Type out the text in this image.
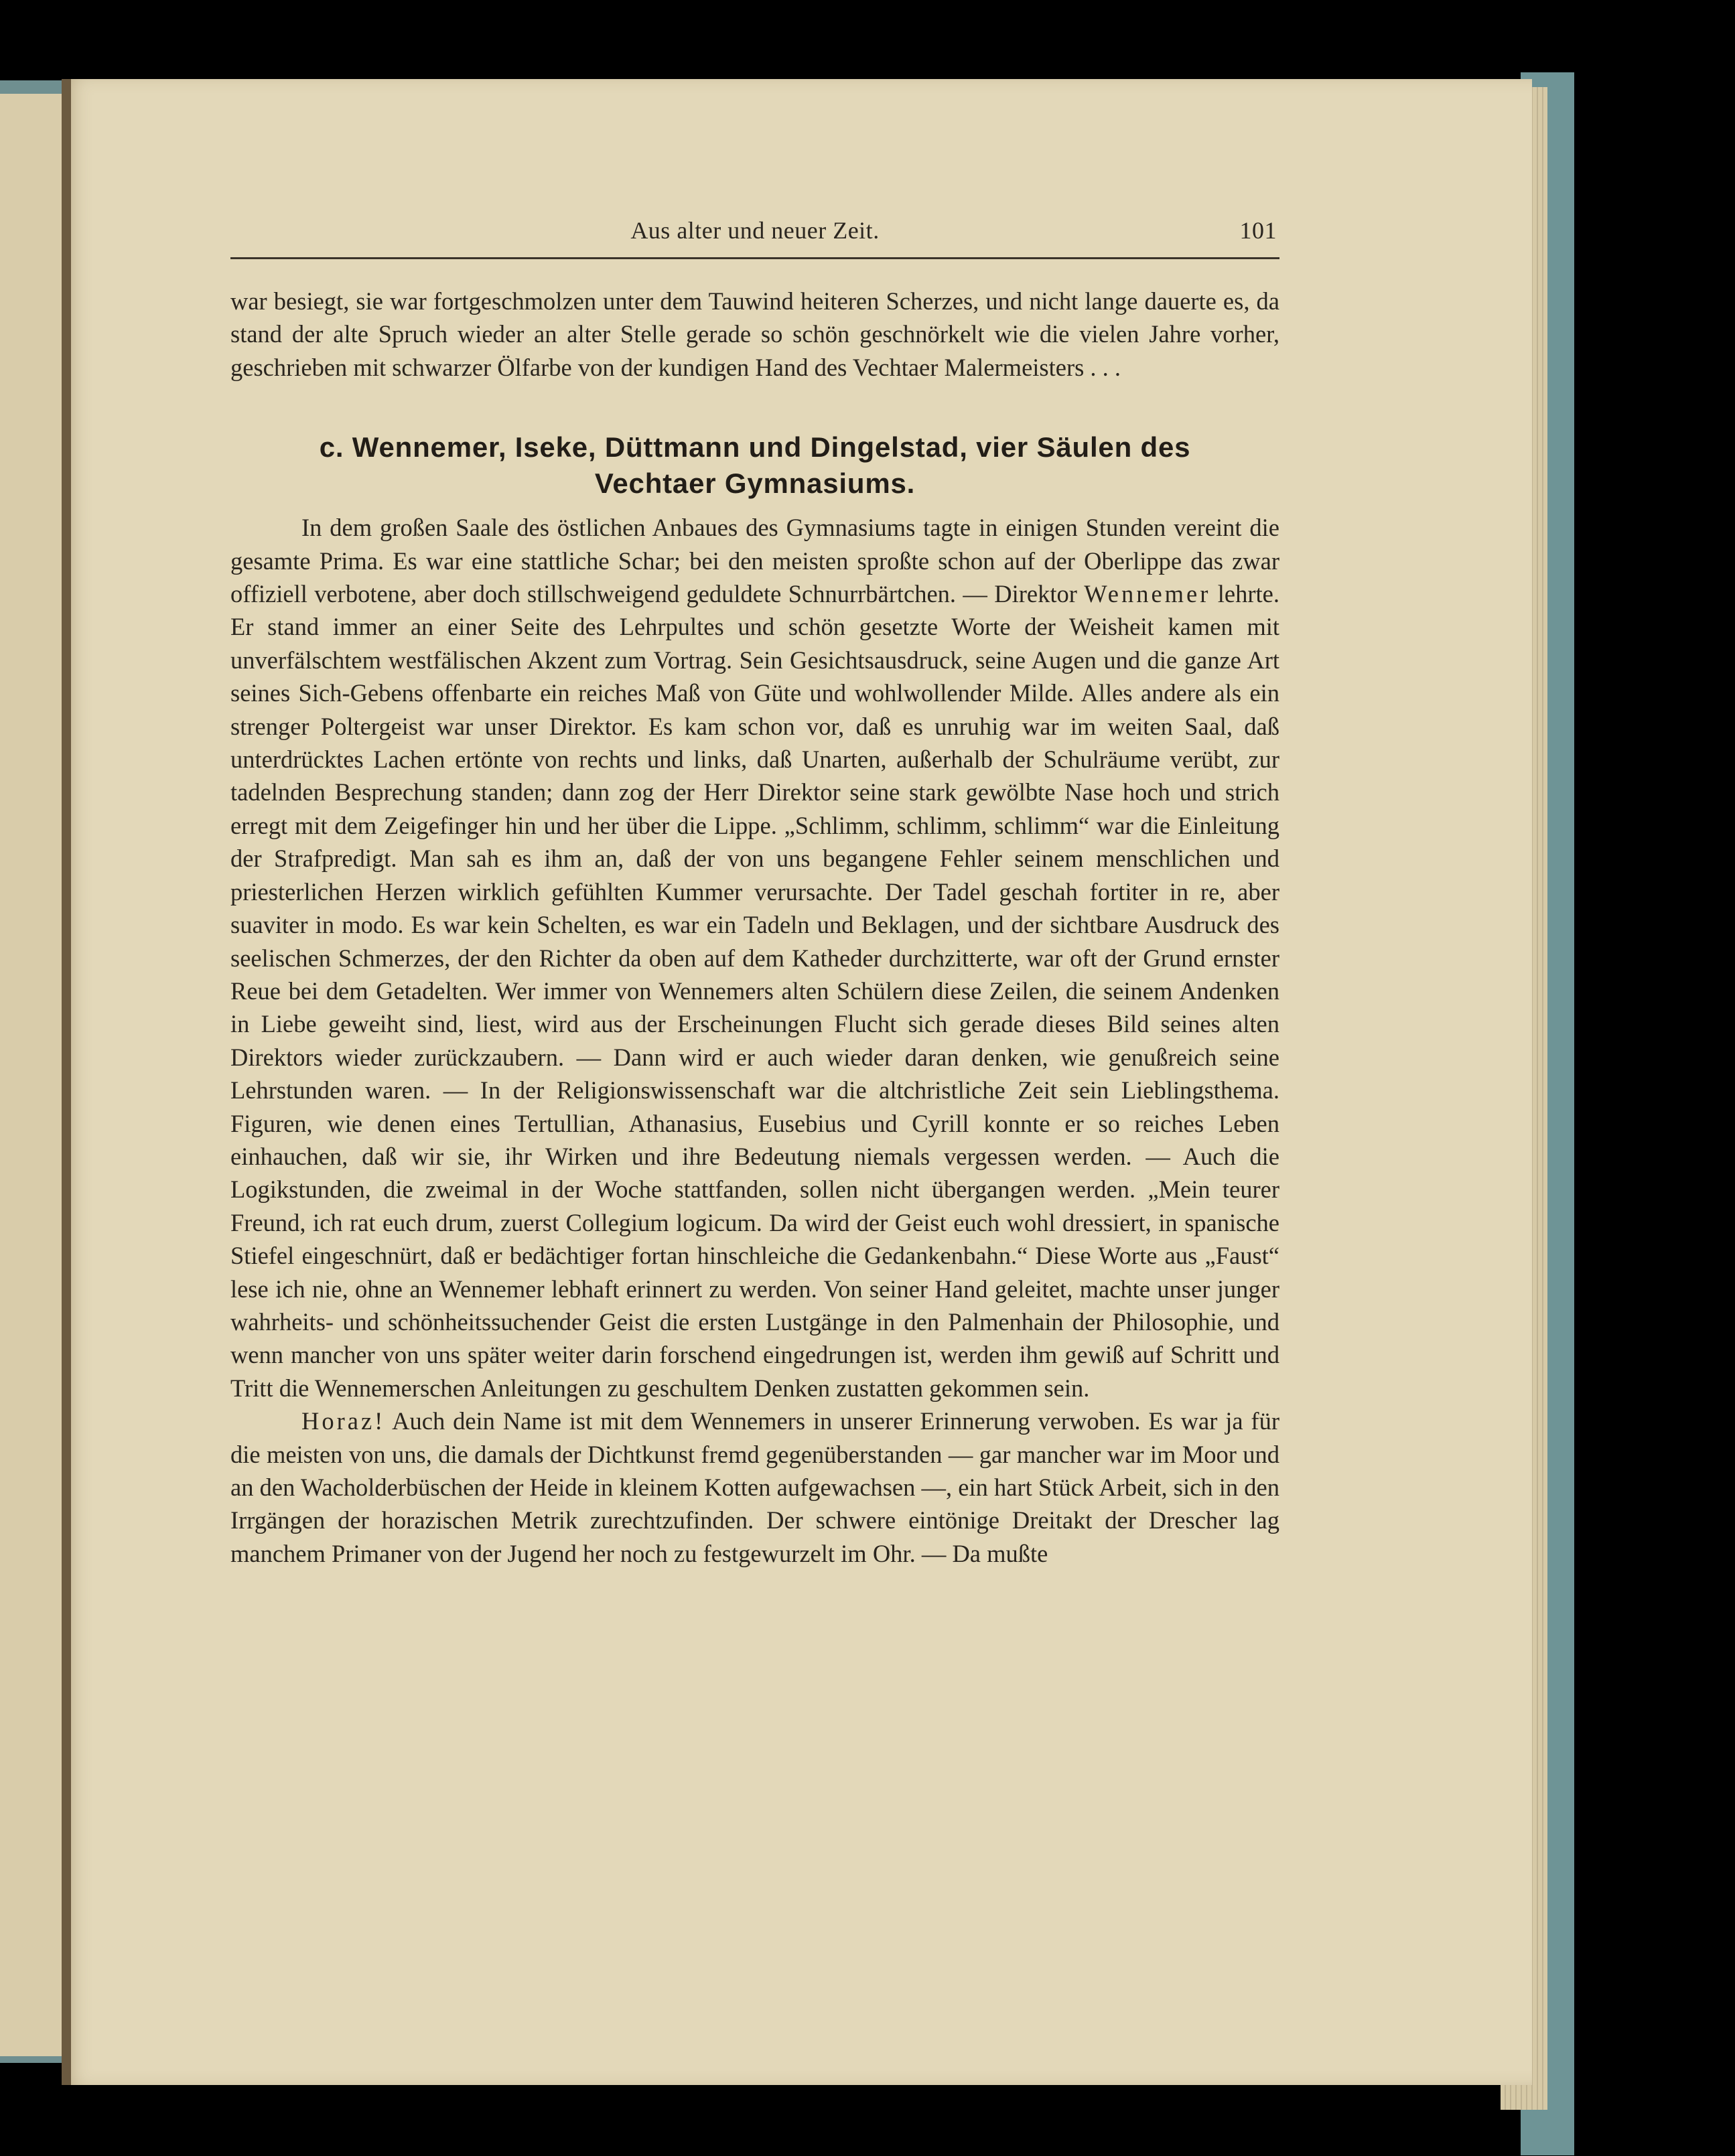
Aus alter und neuer Zeit.	101

war besiegt, sie war fortgeschmolzen unter dem Tauwind heiteren Scherzes, und nicht lange dauerte es, da stand der alte Spruch wieder an alter Stelle gerade so schön geschnörkelt wie die vielen Jahre vorher, geschrieben mit schwarzer Ölfarbe von der kundigen Hand des Vechtaer Malermeisters . . .

c. Wennemer, Iseke, Düttmann und Dingelstad, vier Säulen des
Vechtaer Gymnasiums.

In dem großen Saale des östlichen Anbaues des Gymnasiums tagte in einigen Stunden vereint die gesamte Prima. Es war eine stattliche Schar; bei den meisten sproßte schon auf der Oberlippe das zwar offiziell verbotene, aber doch stillschweigend geduldete Schnurrbärtchen. — Direktor Wennemer lehrte. Er stand immer an einer Seite des Lehrpultes und schön gesetzte Worte der Weisheit kamen mit unverfälschtem westfälischen Akzent zum Vortrag. Sein Gesichtsausdruck, seine Augen und die ganze Art seines Sich-Gebens offenbarte ein reiches Maß von Güte und wohlwollender Milde. Alles andere als ein strenger Poltergeist war unser Direktor. Es kam schon vor, daß es unruhig war im weiten Saal, daß unterdrücktes Lachen ertönte von rechts und links, daß Unarten, außerhalb der Schulräume verübt, zur tadelnden Besprechung standen; dann zog der Herr Direktor seine stark gewölbte Nase hoch und strich erregt mit dem Zeigefinger hin und her über die Lippe. „Schlimm, schlimm, schlimm“ war die Einleitung der Strafpredigt. Man sah es ihm an, daß der von uns begangene Fehler seinem menschlichen und priesterlichen Herzen wirklich gefühlten Kummer verursachte. Der Tadel geschah fortiter in re, aber suaviter in modo. Es war kein Schelten, es war ein Tadeln und Beklagen, und der sichtbare Ausdruck des seelischen Schmerzes, der den Richter da oben auf dem Katheder durchzitterte, war oft der Grund ernster Reue bei dem Getadelten. Wer immer von Wennemers alten Schülern diese Zeilen, die seinem Andenken in Liebe geweiht sind, liest, wird aus der Erscheinungen Flucht sich gerade dieses Bild seines alten Direktors wieder zurückzaubern. — Dann wird er auch wieder daran denken, wie genußreich seine Lehrstunden waren. — In der Religionswissenschaft war die altchristliche Zeit sein Lieblingsthema. Figuren, wie denen eines Tertullian, Athanasius, Eusebius und Cyrill konnte er so reiches Leben einhauchen, daß wir sie, ihr Wirken und ihre Bedeutung niemals vergessen werden. — Auch die Logikstunden, die zweimal in der Woche stattfanden, sollen nicht übergangen werden. „Mein teurer Freund, ich rat euch drum, zuerst Collegium logicum. Da wird der Geist euch wohl dressiert, in spanische Stiefel eingeschnürt, daß er bedächtiger fortan hinschleiche die Gedankenbahn.“ Diese Worte aus „Faust“ lese ich nie, ohne an Wennemer lebhaft erinnert zu werden. Von seiner Hand geleitet, machte unser junger wahrheits- und schönheitssuchender Geist die ersten Lustgänge in den Palmenhain der Philosophie, und wenn mancher von uns später weiter darin forschend eingedrungen ist, werden ihm gewiß auf Schritt und Tritt die Wennemerschen Anleitungen zu geschultem Denken zustatten gekommen sein.

Horaz! Auch dein Name ist mit dem Wennemers in unserer Erinnerung verwoben. Es war ja für die meisten von uns, die damals der Dichtkunst fremd gegenüberstanden — gar mancher war im Moor und an den Wacholderbüschen der Heide in kleinem Kotten aufgewachsen —, ein hart Stück Arbeit, sich in den Irrgängen der horazischen Metrik zurechtzufinden. Der schwere eintönige Dreitakt der Drescher lag manchem Primaner von der Jugend her noch zu festgewurzelt im Ohr. — Da mußte
